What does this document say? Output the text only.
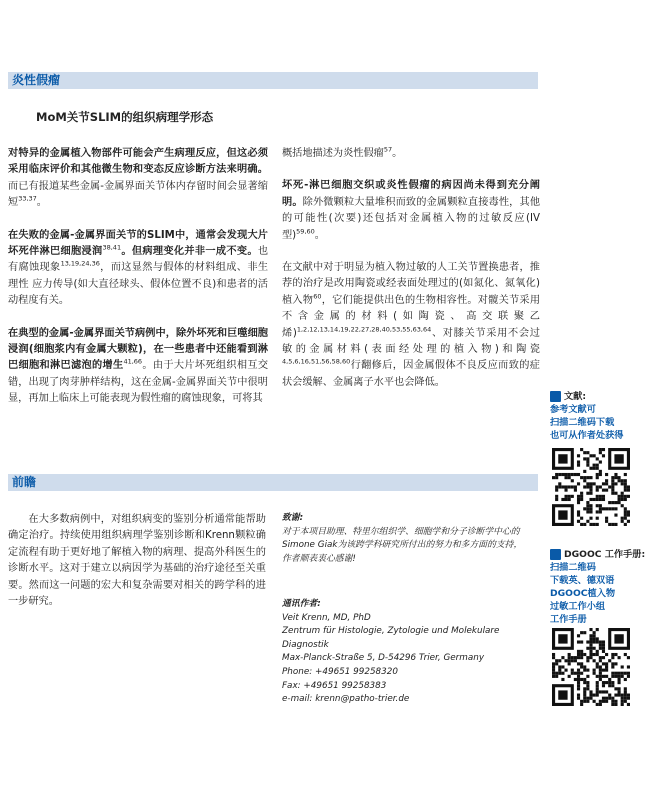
炎性假瘤
MoM关节SLIM的组织病理学形态

对特异的金属植入物部件可能会产生病理反应，但这必须采用临床评价和其他微生物和变态反应诊断方法来明确。而已有报道某些金属-金属界面关节体内存留时间会显著缩短$^{33,37}$。

在失败的金属-金属界面关节的SLIM中，通常会发现大片坏死伴淋巴细胞浸润$^{38,41}$。但病理变化并非一成不变。也有腐蚀现象$^{13,19,24,36}$，而这显然与假体的材料组成、非生理性 应力传导(如大直径球头、假体位置不良)和患者的活动程度有关。

在典型的金属-金属界面关节病例中，除外坏死和巨噬细胞浸润(细胞浆内有金属大颗粒)，在一些患者中还能看到淋巴细胞和淋巴滤泡的增生$^{41,66}$。由于大片坏死组织相互交错，出现了肉芽肿样结构，这在金属-金属界面关节中很明显，再加上临床上可能表现为假性瘤的腐蚀现象，可将其

概括地描述为炎性假瘤$^{57}$。

坏死-淋巴细胞交织或炎性假瘤的病因尚未得到充分阐明。除外微颗粒大量堆积而致的金属颗粒直接毒性，其他的可能性(次要)还包括对金属植入物的过敏反应(IV型)$^{59,60}$。

在文献中对于明显为植入物过敏的人工关节置换患者，推荐的治疗是改用陶瓷或经表面处理过的(如氮化、氮氧化)植入物$^{60}$，它们能提供出色的生物相容性。对髋关节采用不含金属的材料(如陶瓷、高交联聚乙烯)$^{1,2,12,13,14,19,22,27,28,40,53,55,63,64}$、对膝关节采用不会过敏的金属材料(表面经处理的植入物)和陶瓷$^{4,5,6,16,51,56,58,60}$行翻修后，因金属假体不良反应而致的症状会缓解、金属离子水平也会降低。

前瞻

在大多数病例中，对组织病变的鉴别分析通常能帮助确定治疗。持续使用组织病理学鉴别诊断和Krenn颗粒确定流程有助于更好地了解植入物的病理、提高外科医生的诊断水平。这对于建立以病因学为基础的治疗途径至关重要。然而这一问题的宏大和复杂需要对相关的跨学科的进一步研究。

致谢:

对于本项目助理、特里尔组织学、细胞学和分子诊断学中心的

Simone Giak为该跨学科研究所付出的努力和多方面的支持，

作者顺表衷心感谢!

通讯作者:

Veit Krenn, MD, PhD

Zentrum für Histologie, Zytologie und Molekulare Diagnostik

Max-Planck-Straße 5, D-54296 Trier, Germany

Phone: +49651 99258320

Fax: +49651 99258383

e-mail: krenn@patho-trier.de

文献:
参考文献可
扫描二维码下载
也可从作者处获得
DGOOC 工作手册:
扫描二维码
下载英、德双语
DGOOC植入物
过敏工作小组
工作手册
